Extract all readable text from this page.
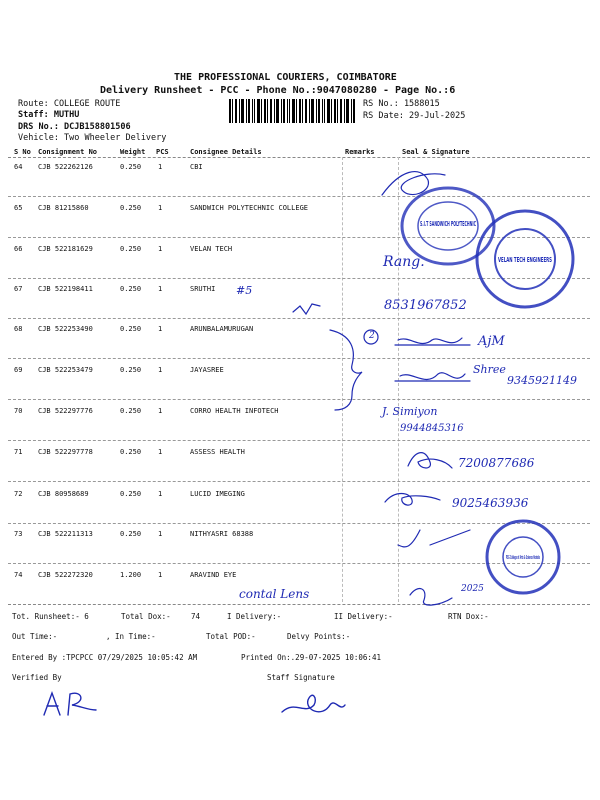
THE PROFESSIONAL COURIERS, COIMBATORE
Delivery Runsheet - PCC - Phone No.:9047080280 - Page No.:6
Route: COLLEGE ROUTE
Staff: MUTHU
DRS No.: DCJB158801506
Vehicle: Two Wheeler Delivery
RS No.: 1588015
RS Date: 29-Jul-2025
S No Consignment No	Weight PCS	Consignee Details	Remarks	Seal & Signature
64 CJB 522262126	0.250 1	CBI
65 CJB 81215860	0.250 1	SANDWICH POLYTECHNIC COLLEGE
66 CJB 522181629	0.250 1	VELAN TECH
67 CJB 522198411	0.250 1	SRUTHI
68 CJB 522253490	0.250 1	ARUNBALAMURUGAN
69 CJB 522253479	0.250 1	JAYASREE
70 CJB 522297776	0.250 1	CORRO HEALTH INFOTECH
71 CJB 522297778	0.250 1	ASSESS HEALTH
72 CJB 80958689	0.250 1	LUCID IMEGING
73 CJB 522211313	0.250 1	NITHYASRI 68388
74 CJB 522272320	1.200 1	ARAVIND EYE
Tot. Runsheet:- 6	Total Dox:-	74	I Delivery:-	II Delivery:-	RTN Dox:-
Out Time:-	, In Time:-	Total POD:-	Delvy Points:-
Entered By :TPCPCC 07/29/2025 10:05:42 AM	Printed On:.29-07-2025 10:06:41
Verified By	Staff Signature
#5
Rang.
8531967852
AjM
Shree
9345921149
J. Simiyon
9944845316
7200877686
9025463936
contal Lens	2025
2
S.I.T SANDWICH POLYTECHNIC
VELAN TECH ENGINEERS
PSG College of Arts & Science Hostels
